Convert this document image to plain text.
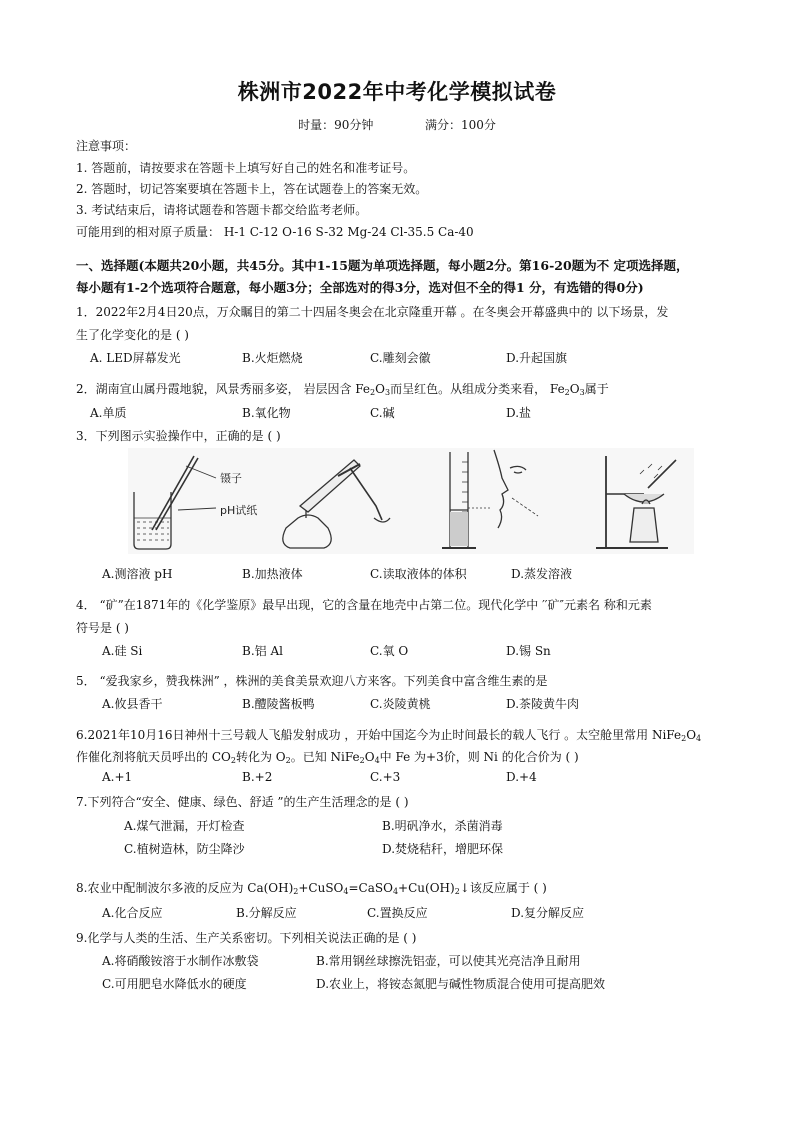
株洲市2022年中考化学模拟试卷
时量：90分钟	满分：100分
注意事项：
1. 答题前，请按要求在答题卡上填写好自己的姓名和准考证号。
2. 答题时，切记答案要填在答题卡上，答在试题卷上的答案无效。
3. 考试结束后，请将试题卷和答题卡都交给监考老师。
可能用到的相对原子质量： H-1 C-12 O-16 S-32 Mg-24 Cl-35.5 Ca-40
一、选择题(本题共20小题，共45分。其中1-15题为单项选择题，每小题2分。第16-20题为不 定项选择题，
每小题有1-2个选项符合题意，每小题3分；全部选对的得3分，选对但不全的得1 分，有选错的得0分)
1．2022年2月4日20点，万众瞩目的第二十四届冬奥会在北京隆重开幕 。在冬奥会开幕盛典中的 以下场景，发
生了化学变化的是 ( )
A. LED屏幕发光	B.火炬燃烧	C.雕刻会徽	D.升起国旗
2．湖南宣山属丹霞地貌，风景秀丽多姿， 岩层因含 $Fe_2O_3$而呈红色。从组成分类来看， $Fe_2O_3$属于
A.单质	B.氧化物	C.碱	D.盐
3．下列图示实验操作中，正确的是 ( )
镊子
pH试纸
A.测溶液 pH	B.加热液体	C.读取液体的体积	D.蒸发溶液
4． “矿”在1871年的《化学鉴原》最早出现，它的含量在地壳中占第二位。现代化学中 ′′矿″元素名 称和元素
符号是 ( )
A.硅 Si	B.铝 Al	C.氧 O	D.锡 Sn
5． “爱我家乡，赞我株洲” ，株洲的美食美景欢迎八方来客。下列美食中富含维生素的是
A.攸县香干	B.醴陵酱板鸭	C.炎陵黄桃	D.茶陵黄牛肉
6.2021年10月16日神州十三号载人飞船发射成功 ，开始中国迄今为止时间最长的载人飞行 。太空舱里常用 $NiFe_2O_4$
作催化剂将航天员呼出的 $CO_2$转化为 $O_2$。已知 $NiFe_2O_4$中 Fe 为+3价，则 Ni 的化合价为 ( )
A.+1	B.+2	C.+3	D.+4
7.下列符合“安全、健康、绿色、舒适 ”的生产生活理念的是 ( )
A.煤气泄漏，开灯检查	B.明矾净水，杀菌消毒
C.植树造林，防尘降沙	D.焚烧秸秆，增肥环保
8.农业中配制波尔多液的反应为 $Ca(OH)_2+CuSO_4=CaSO_4+Cu(OH)_2↓$该反应属于 ( )
A.化合反应	B.分解反应	C.置换反应	D.复分解反应
9.化学与人类的生活、生产关系密切。下列相关说法正确的是 ( )
A.将硝酸铵溶于水制作冰敷袋	B.常用钢丝球擦洗铝壶，可以使其光亮洁净且耐用
C.可用肥皂水降低水的硬度	D.农业上，将铵态氮肥与碱性物质混合使用可提高肥效
